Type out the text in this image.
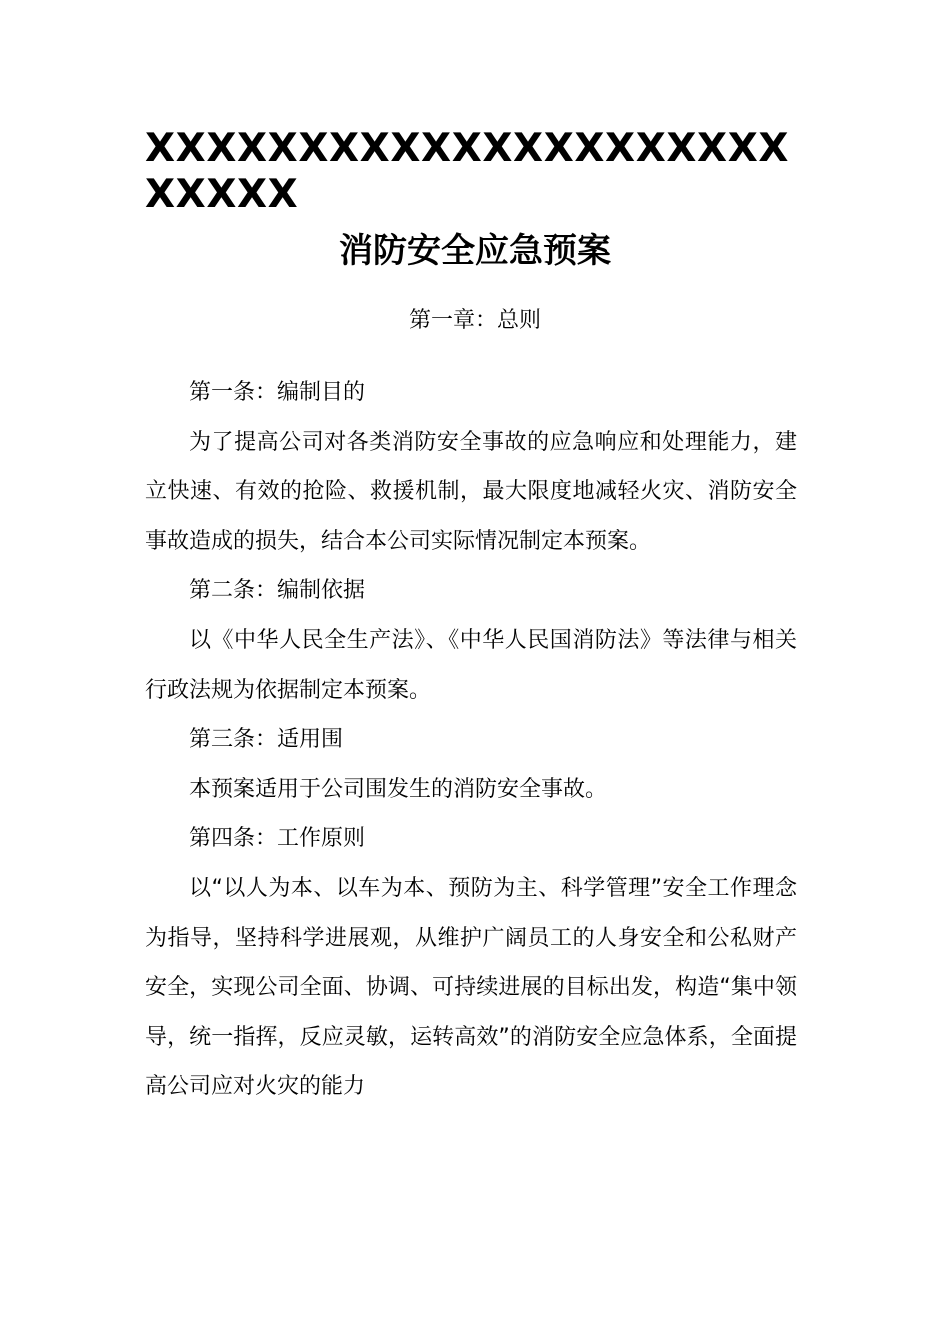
XXXXXXXXXXXXXXXXXXXXXXXXXX
消防安全应急预案
第一章：总则

第一条：编制目的

为了提高公司对各类消防安全事故的应急响应和处理能力，建立快速、有效的抢险、救援机制，最大限度地减轻火灾、消防安全事故造成的损失，结合本公司实际情况制定本预案。

第二条：编制依据

以《中华人民全生产法》、《中华人民国消防法》等法律与相关行政法规为依据制定本预案。

第三条：适用围

本预案适用于公司围发生的消防安全事故。

第四条：工作原则

以“以人为本、以车为本、预防为主、科学管理”安全工作理念为指导，坚持科学进展观，从维护广阔员工的人身安全和公私财产安全，实现公司全面、协调、可持续进展的目标出发，构造“集中领导，统一指挥，反应灵敏，运转高效”的消防安全应急体系，全面提高公司应对火灾的能力
